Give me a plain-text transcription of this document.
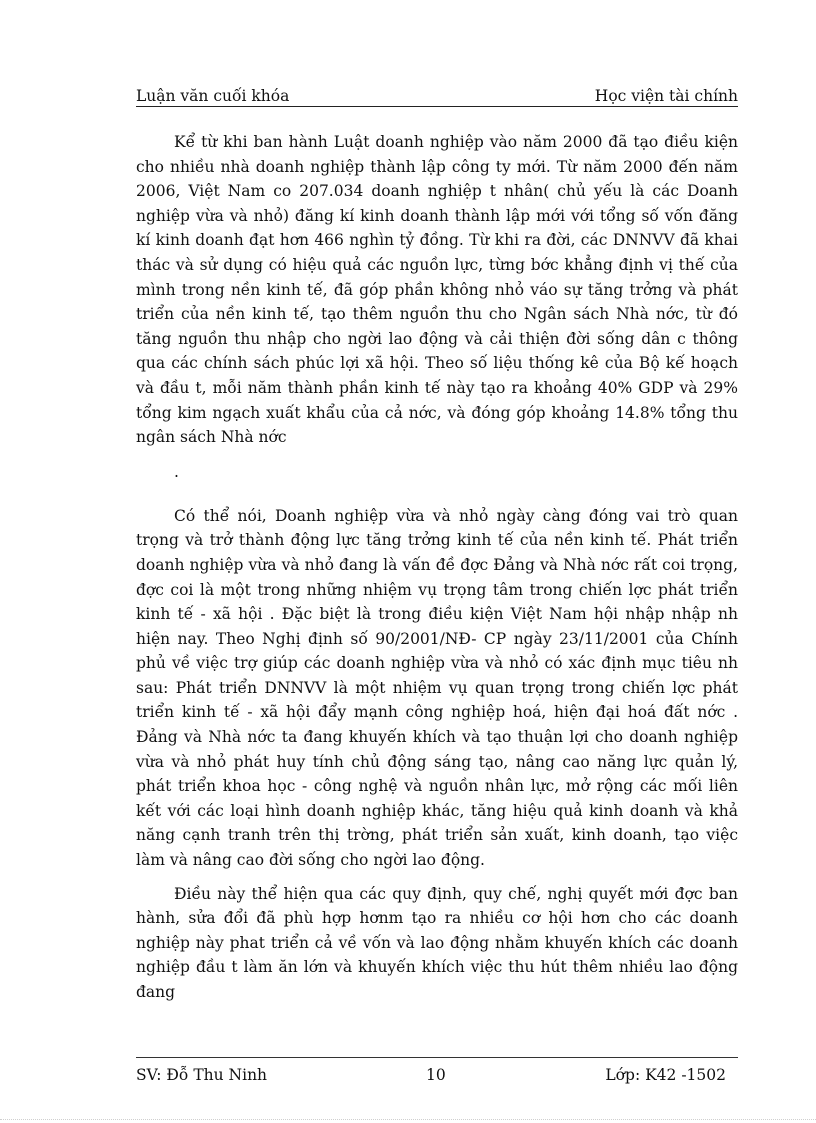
Luận văn cuối khóa	Học viện tài chính

Kể từ khi ban hành Luật doanh nghiệp vào năm 2000 đã tạo điều kiện cho nhiều nhà doanh nghiệp thành lập công ty mới. Từ năm 2000 đến năm 2006, Việt Nam co 207.034 doanh nghiệp t nhân( chủ yếu là các Doanh nghiệp vừa và nhỏ) đăng kí kinh doanh thành lập mới với tổng số vốn đăng kí kinh doanh đạt hơn 466 nghìn tỷ đồng. Từ khi ra đời, các DNNVV đã khai thác và sử dụng có hiệu quả các nguồn lực, từng bớc khẳng định vị thế của mình trong nền kinh tế, đã góp phần không nhỏ váo sự tăng trởng và phát triển của nền kinh tế, tạo thêm nguồn thu cho Ngân sách Nhà nớc, từ đó tăng nguồn thu nhập cho ngời lao động và cải thiện đời sống dân c thông qua các chính sách phúc lợi xã hội. Theo số liệu thống kê của Bộ kế hoạch và đầu t, mỗi năm thành phần kinh tế này tạo ra khoảng 40% GDP và 29% tổng kim ngạch xuất khẩu của cả nớc, và đóng góp khoảng 14.8% tổng thu ngân sách Nhà nớc

.

Có thể nói, Doanh nghiệp vừa và nhỏ ngày càng đóng vai trò quan trọng và trở thành động lực tăng trởng kinh tế của nền kinh tế. Phát triển doanh nghiệp vừa và nhỏ đang là vấn đề đợc Đảng và Nhà nớc rất coi trọng, đợc coi là một trong những nhiệm vụ trọng tâm trong chiến lợc phát triển kinh tế - xã hội . Đặc biệt là trong điều kiện Việt Nam hội nhập nhập nh hiện nay. Theo Nghị định số 90/2001/NĐ- CP ngày 23/11/2001 của Chính phủ về việc trợ giúp các doanh nghiệp vừa và nhỏ có xác định mục tiêu nh sau: Phát triển DNNVV là một nhiệm vụ quan trọng trong chiến lợc phát triển kinh tế - xã hội đẩy mạnh công nghiệp hoá, hiện đại hoá đất nớc . Đảng và Nhà nớc ta đang khuyến khích và tạo thuận lợi cho doanh nghiệp vừa và nhỏ phát huy tính chủ động sáng tạo, nâng cao năng lực quản lý, phát triển khoa học - công nghệ và nguồn nhân lực, mở rộng các mối liên kết với các loại hình doanh nghiệp khác, tăng hiệu quả kinh doanh và khả năng cạnh tranh trên thị trờng, phát triển sản xuất, kinh doanh, tạo việc làm và nâng cao đời sống cho ngời lao động.

Điều này thể hiện qua các quy định, quy chế, nghị quyết mới đợc ban hành, sửa đổi đã phù hợp hơnm tạo ra nhiều cơ hội hơn cho các doanh nghiệp này phat triển cả về vốn và lao động nhằm khuyến khích các doanh nghiệp đầu t làm ăn lớn và khuyến khích việc thu hút thêm nhiều lao động đang

SV: Đỗ Thu Ninh	10	Lớp: K42 -1502
